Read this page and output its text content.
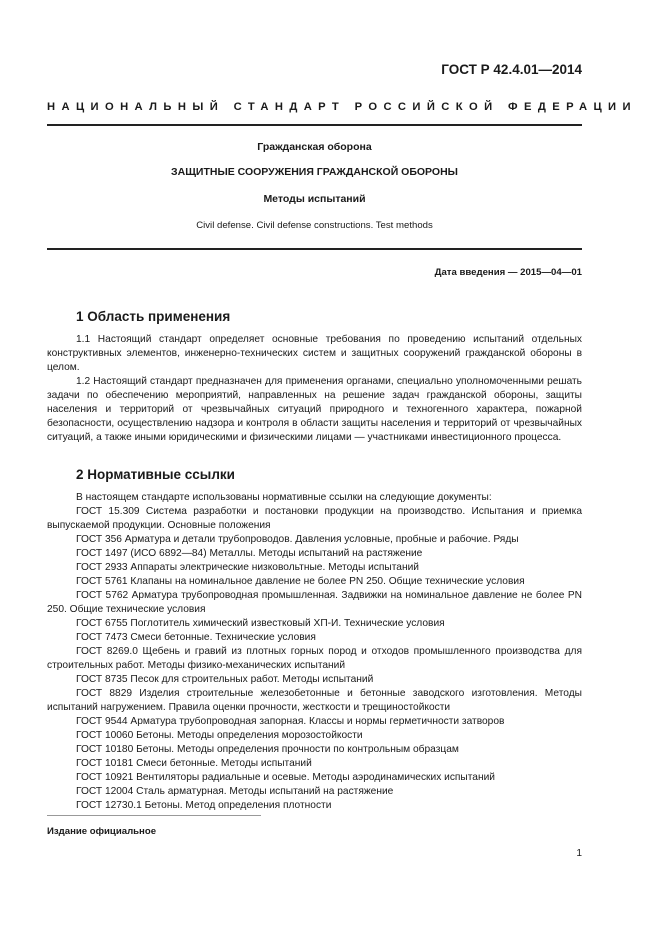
ГОСТ Р 42.4.01—2014
НАЦИОНАЛЬНЫЙ СТАНДАРТ РОССИЙСКОЙ ФЕДЕРАЦИИ
Гражданская оборона
ЗАЩИТНЫЕ СООРУЖЕНИЯ ГРАЖДАНСКОЙ ОБОРОНЫ
Методы испытаний
Civil defense. Civil defense constructions. Test methods
Дата введения — 2015—04—01
1 Область применения

1.1 Настоящий стандарт определяет основные требования по проведению испытаний отдельных конструктивных элементов, инженерно-технических систем и защитных сооружений гражданской обороны в целом.

1.2 Настоящий стандарт предназначен для применения органами, специально уполномоченными решать задачи по обеспечению мероприятий, направленных на решение задач гражданской обороны, защиты населения и территорий от чрезвычайных ситуаций природного и техногенного характера, пожарной безопасности, осуществлению надзора и контроля в области защиты населения и территорий от чрезвычайных ситуаций, а также иными юридическими и физическими лицами — участниками инвестиционного процесса.

2 Нормативные ссылки

В настоящем стандарте использованы нормативные ссылки на следующие документы:

ГОСТ 15.309 Система разработки и постановки продукции на производство. Испытания и приемка выпускаемой продукции. Основные положения

ГОСТ 356 Арматура и детали трубопроводов. Давления условные, пробные и рабочие. Ряды

ГОСТ 1497 (ИСО 6892—84) Металлы. Методы испытаний на растяжение

ГОСТ 2933 Аппараты электрические низковольтные. Методы испытаний

ГОСТ 5761 Клапаны на номинальное давление не более PN 250. Общие технические условия

ГОСТ 5762 Арматура трубопроводная промышленная. Задвижки на номинальное давление не более PN 250. Общие технические условия

ГОСТ 6755 Поглотитель химический известковый ХП-И. Технические условия

ГОСТ 7473 Смеси бетонные. Технические условия

ГОСТ 8269.0 Щебень и гравий из плотных горных пород и отходов промышленного производства для строительных работ. Методы физико-механических испытаний

ГОСТ 8735 Песок для строительных работ. Методы испытаний

ГОСТ 8829 Изделия строительные железобетонные и бетонные заводского изготовления. Методы испытаний нагружением. Правила оценки прочности, жесткости и трещиностойкости

ГОСТ 9544 Арматура трубопроводная запорная. Классы и нормы герметичности затворов

ГОСТ 10060 Бетоны. Методы определения морозостойкости

ГОСТ 10180 Бетоны. Методы определения прочности по контрольным образцам

ГОСТ 10181 Смеси бетонные. Методы испытаний

ГОСТ 10921 Вентиляторы радиальные и осевые. Методы аэродинамических испытаний

ГОСТ 12004 Сталь арматурная. Методы испытаний на растяжение

ГОСТ 12730.1 Бетоны. Метод определения плотности

Издание официальное
1
